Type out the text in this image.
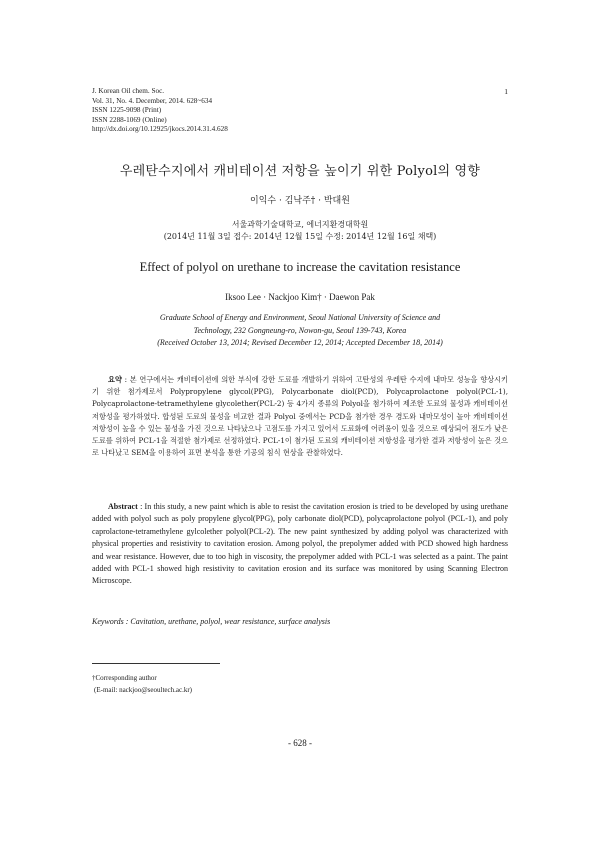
J. Korean Oil chem. Soc.
Vol. 31, No. 4. December, 2014. 628~634
ISSN 1225-9098 (Print)
ISSN 2288-1069 (Online)
http://dx.doi.org/10.12925/jkocs.2014.31.4.628
1
우레탄수지에서 캐비테이션 저항을 높이기 위한 Polyol의 영향
이익수 · 김낙주† · 박대원
서울과학기술대학교, 에너지환경대학원
(2014년 11월 3일 접수: 2014년 12월 15일 수정: 2014년 12월 16일 채택)
Effect of polyol on urethane to increase the cavitation resistance
Iksoo Lee · Nackjoo Kim† · Daewon Pak
Graduate School of Energy and Environment, Seoul National University of Science and
Technology, 232 Gongneung-ro, Nowon-gu, Seoul 139-743, Korea
(Received October 13, 2014; Revised December 12, 2014; Accepted December 18, 2014)
요약 : 본 연구에서는 캐비테이션에 의한 부식에 강한 도료를 개발하기 위하여 고탄성의 우레탄 수지에 내마모 성능을 향상시키기 위한 첨가제로서 Polypropylene glycol(PPG), Polycarbonate diol(PCD), Polycaprolactone polyol(PCL-1), Polycaprolactone-tetramethylene glycolether(PCL-2) 등 4가지 종류의 Polyol을 첨가하여 제조한 도료의 물성과 캐비테이션 저항성을 평가하였다. 합성된 도료의 물성을 비교한 결과 Polyol 중에서는 PCD을 첨가한 경우 경도와 내마모성이 높아 캐비테이션 저항성이 높을 수 있는 물성을 가진 것으로 나타났으나 고점도를 가지고 있어서 도료화에 어려움이 있을 것으로 예상되어 점도가 낮은 도료를 위하여 PCL-1을 적절한 첨가제로 선정하였다. PCL-1이 첨가된 도료의 캐비테이션 저항성을 평가한 결과 저항성이 높은 것으로 나타났고 SEM을 이용하여 표면 분석을 통한 기공의 침식 현상을 관찰하였다.
Abstract : In this study, a new paint which is able to resist the cavitation erosion is tried to be developed by using urethane added with polyol such as poly propylene glycol(PPG), poly carbonate diol(PCD), polycaprolactone polyol (PCL-1), and poly caprolactone-tetramethylene gylcolether polyol(PCL-2). The new paint synthesized by adding polyol was characterized with physical properties and resistivity to cavitation erosion. Among polyol, the prepolymer added with PCD showed high hardness and wear resistance. However, due to too high in viscosity, the prepolymer added with PCL-1 was selected as a paint. The paint added with PCL-1 showed high resistivity to cavitation erosion and its surface was monitored by using Scanning Electron Microscope.
Keywords : Cavitation, urethane, polyol, wear resistance, surface analysis
†Corresponding author
(E-mail: nackjoo@seoultech.ac.kr)
- 628 -
